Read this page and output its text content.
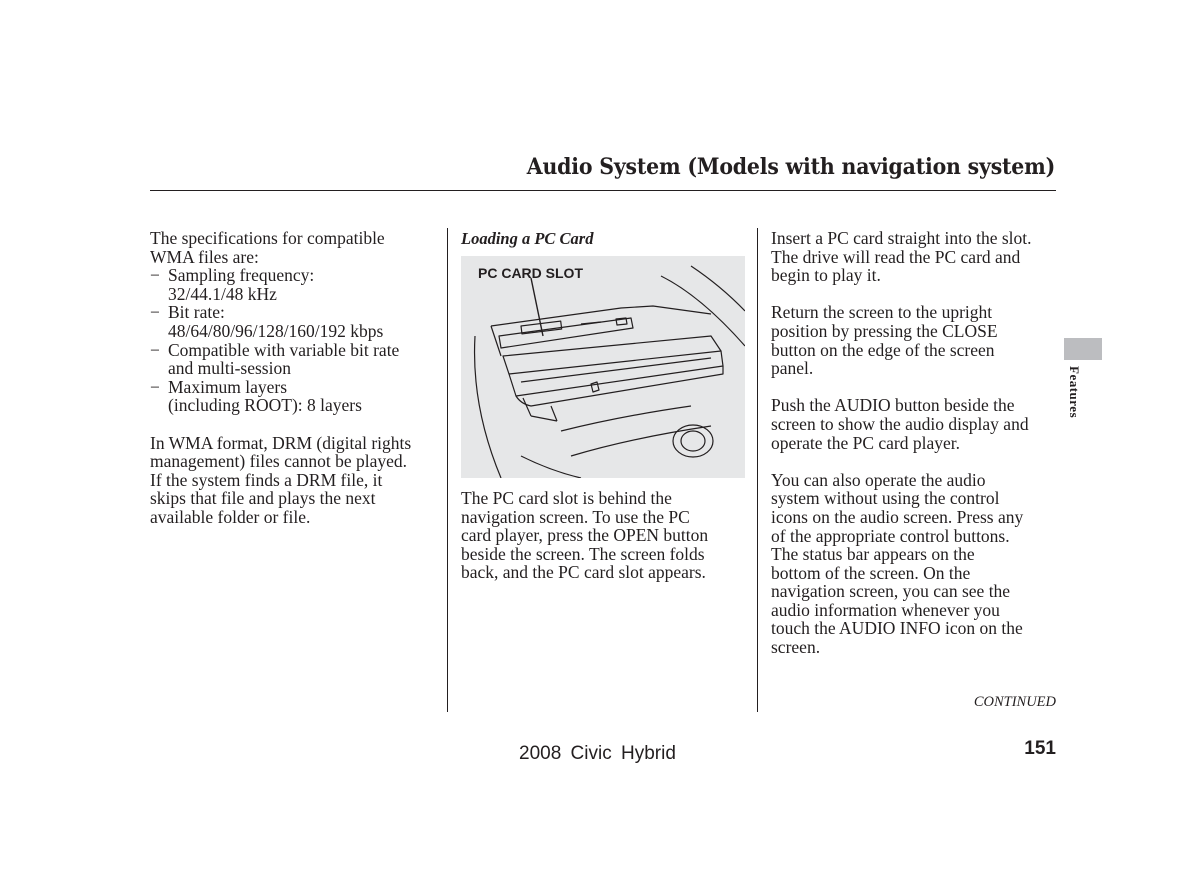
Audio System (Models with navigation system)

The specifications for compatible

WMA files are:

− Sampling frequency:

32/44.1/48 kHz

− Bit rate:

48/64/80/96/128/160/192 kbps

− Compatible with variable bit rate

and multi-session

− Maximum layers

(including ROOT): 8 layers

In WMA format, DRM (digital rights

management) files cannot be played.

If the system finds a DRM file, it

skips that file and plays the next

available folder or file.

Loading a PC Card
PC CARD SLOT

The PC card slot is behind the

navigation screen. To use the PC

card player, press the OPEN button

beside the screen. The screen folds

back, and the PC card slot appears.

Insert a PC card straight into the slot.

The drive will read the PC card and

begin to play it.

Return the screen to the upright

position by pressing the CLOSE

button on the edge of the screen

panel.

Push the AUDIO button beside the

screen to show the audio display and

operate the PC card player.

You can also operate the audio

system without using the control

icons on the audio screen. Press any

of the appropriate control buttons.

The status bar appears on the

bottom of the screen. On the

navigation screen, you can see the

audio information whenever you

touch the AUDIO INFO icon on the

screen.

CONTINUED
Features
2008 Civic Hybrid	151
